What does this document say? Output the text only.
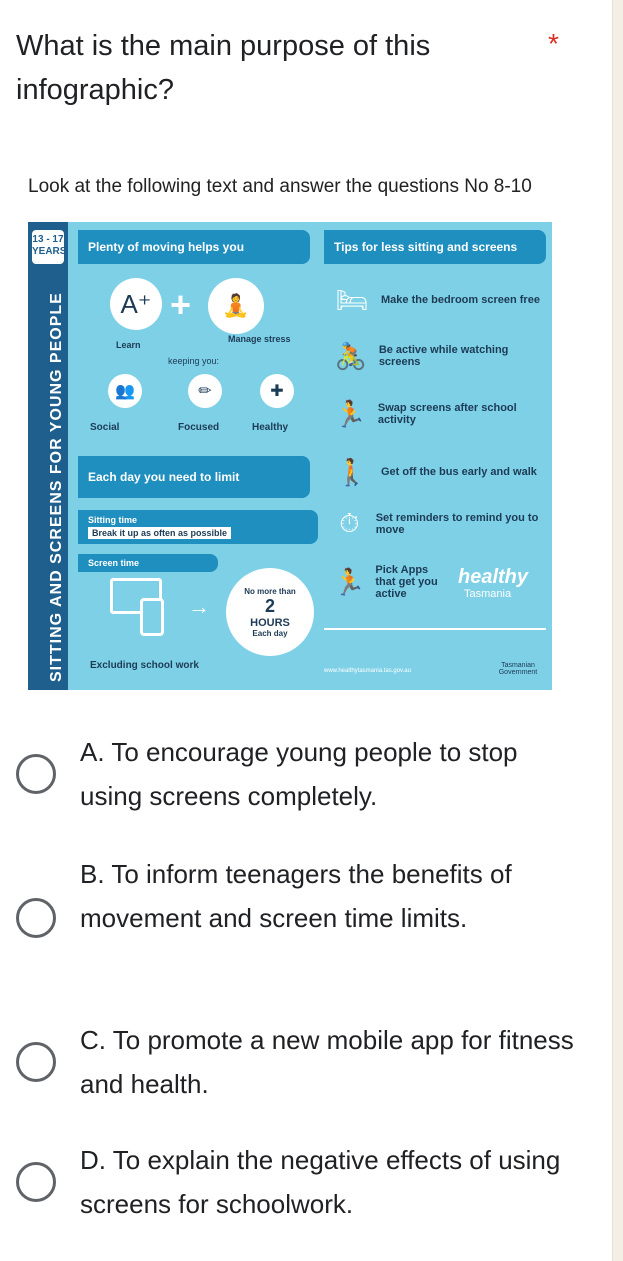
What is the main purpose of this infographic?
*
Look at the following text and answer the questions No 8-10
13 - 17 YEARS
SITTING AND SCREENS FOR YOUNG PEOPLE
Plenty of moving helps you
A⁺ +	🧘
Learn
Manage stress
keeping you:
👥	✏	✚
Social	Focused	Healthy
Each day you need to limit
Sitting time
Break it up as often as possible
Screen time
→
No more than
2
HOURS
Each day
Excluding school work
Tips for less sitting and screens
🛏 Make the bedroom screen free
🚴 Be active while watching screens
🏃 Swap screens after school activity
🚶 Get off the bus early and walk
⏱	Set reminders to remind you to move
🏃 Pick Apps that get you active
healthy
Tasmania
www.healthytasmania.tas.gov.au
Tasmanian Government
A. To encourage young people to stop using screens completely.
B. To inform teenagers the benefits of movement and screen time limits.
C. To promote a new mobile app for fitness and health.
D. To explain the negative effects of using screens for schoolwork.
